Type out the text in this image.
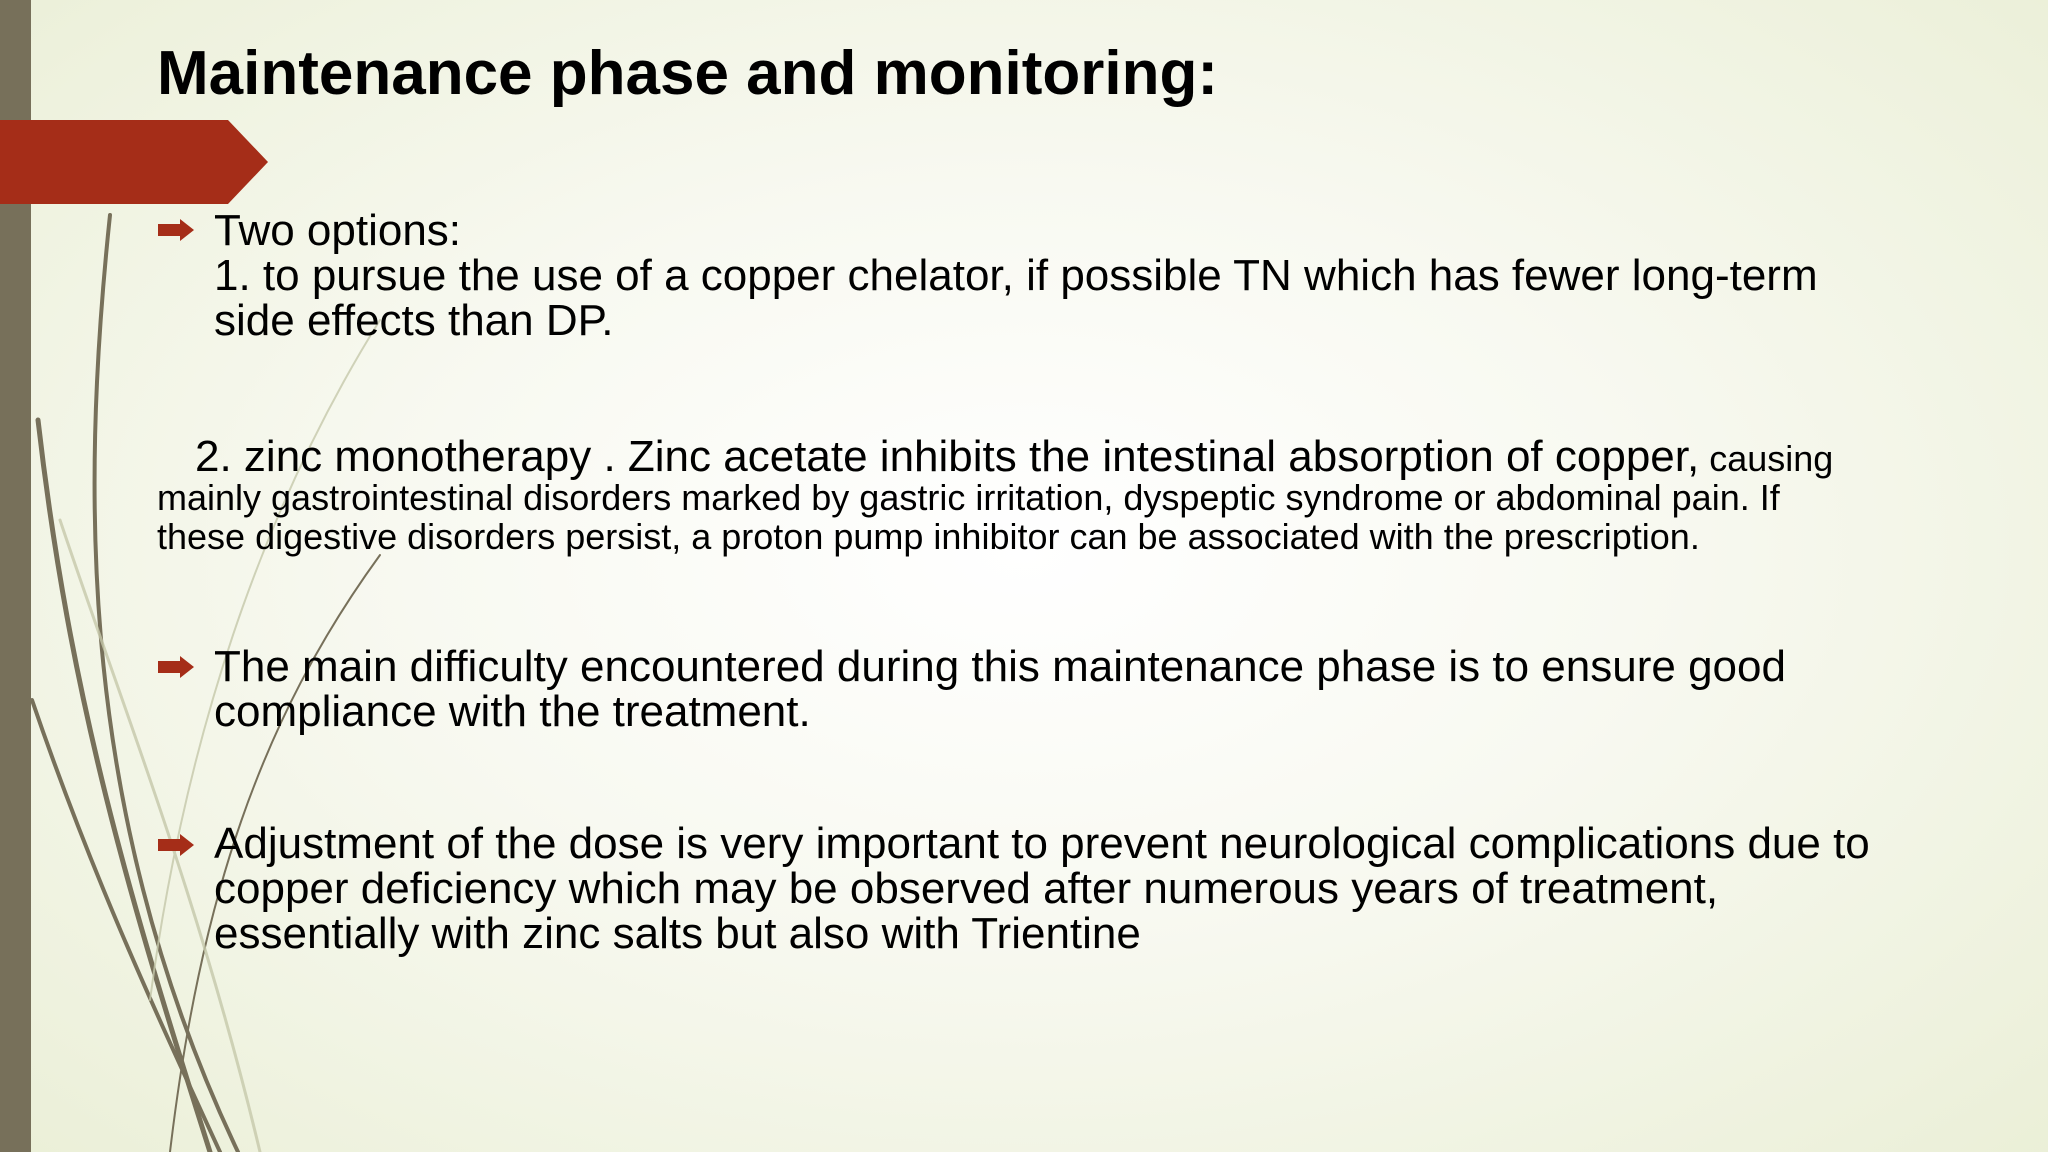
Maintenance phase and monitoring:
Two options:
1. to pursue the use of a copper chelator, if possible TN which has fewer long-term
side effects than DP.
2. zinc monotherapy . Zinc acetate inhibits the intestinal absorption of copper, causing
mainly gastrointestinal disorders marked by gastric irritation, dyspeptic syndrome or abdominal pain. If
these digestive disorders persist, a proton pump inhibitor can be associated with the prescription.
The main difficulty encountered during this maintenance phase is to ensure good
compliance with the treatment.
Adjustment of the dose is very important to prevent neurological complications due to
copper deficiency which may be observed after numerous years of treatment,
essentially with zinc salts but also with Trientine
